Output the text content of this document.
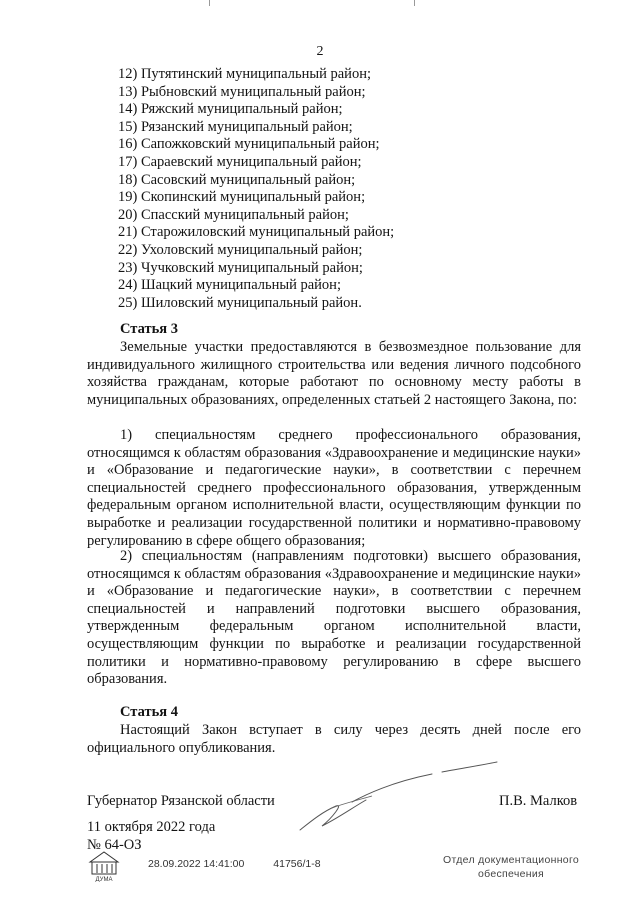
2
12) Путятинский муниципальный район;
13) Рыбновский муниципальный район;
14) Ряжский муниципальный район;
15) Рязанский муниципальный район;
16) Сапожковский муниципальный район;
17) Сараевский муниципальный район;
18) Сасовский муниципальный район;
19) Скопинский муниципальный район;
20) Спасский муниципальный район;
21) Старожиловский муниципальный район;
22) Ухоловский муниципальный район;
23) Чучковский муниципальный район;
24) Шацкий муниципальный район;
25) Шиловский муниципальный район.
Статья 3

Земельные участки предоставляются в безвозмездное пользование для индивидуального жилищного строительства или ведения личного подсобного хозяйства гражданам, которые работают по основному месту работы в муниципальных образованиях, определенных статьей 2 настоящего Закона, по:

1) специальностям среднего профессионального образования, относящимся к областям образования «Здравоохранение и медицинские науки» и «Образование и педагогические науки», в соответствии с перечнем специальностей среднего профессионального образования, утвержденным федеральным органом исполнительной власти, осуществляющим функции по выработке и реализации государственной политики и нормативно-правовому регулированию в сфере общего образования;

2) специальностям (направлениям подготовки) высшего образования, относящимся к областям образования «Здравоохранение и медицинские науки» и «Образование и педагогические науки», в соответствии с перечнем специальностей и направлений подготовки высшего образования, утвержденным федеральным органом исполнительной власти, осуществляющим функции по выработке и реализации государственной политики и нормативно-правовому регулированию в сфере высшего образования.

Статья 4

Настоящий Закон вступает в силу через десять дней после его официального опубликования.

Губернатор Рязанской области	П.В. Малков
11 октября 2022 года
№ 64-ОЗ
ДУМА
28.09.2022 14:41:00	41756/1-8	Отдел документационного
обеспечения
